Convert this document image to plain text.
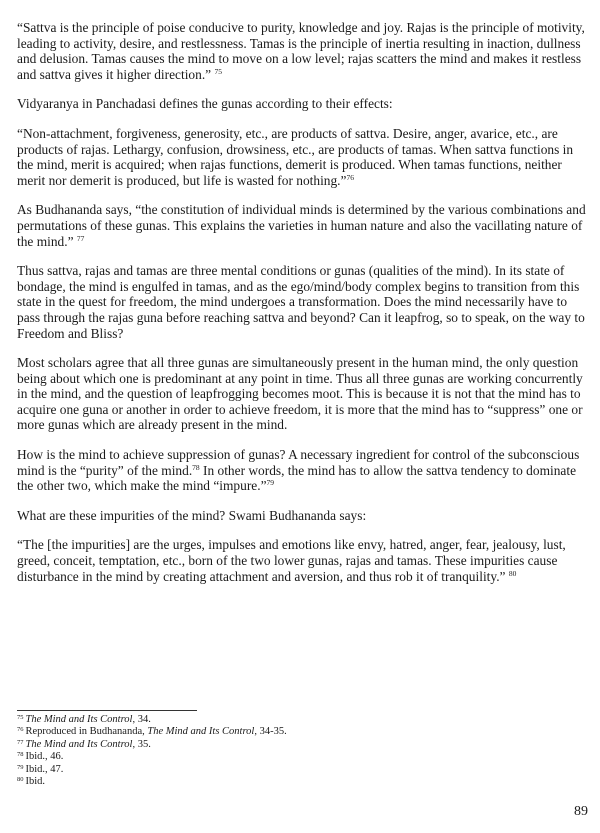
“Sattva is the principle of poise conducive to purity, knowledge and joy. Rajas is the principle of motivity, leading to activity, desire, and restlessness. Tamas is the principle of inertia resulting in inaction, dullness and delusion. Tamas causes the mind to move on a low level; rajas scatters the mind and makes it restless and sattva gives it higher direction.” $^{75}$

Vidyaranya in Panchadasi defines the gunas according to their effects:

“Non-attachment, forgiveness, generosity, etc., are products of sattva. Desire, anger, avarice, etc., are products of rajas. Lethargy, confusion, drowsiness, etc., are products of tamas. When sattva functions in the mind, merit is acquired; when rajas functions, demerit is produced. When tamas functions, neither merit nor demerit is produced, but life is wasted for nothing.”$^{76}$

As Budhananda says, “the constitution of individual minds is determined by the various combinations and permutations of these gunas. This explains the varieties in human nature and also the vacillating nature of the mind.” $^{77}$

Thus sattva, rajas and tamas are three mental conditions or gunas (qualities of the mind). In its state of bondage, the mind is engulfed in tamas, and as the ego/mind/body complex begins to transition from this state in the quest for freedom, the mind undergoes a transformation. Does the mind necessarily have to pass through the rajas guna before reaching sattva and beyond? Can it leapfrog, so to speak, on the way to Freedom and Bliss?

Most scholars agree that all three gunas are simultaneously present in the human mind, the only question being about which one is predominant at any point in time. Thus all three gunas are working concurrently in the mind, and the question of leapfrogging becomes moot. This is because it is not that the mind has to acquire one guna or another in order to achieve freedom, it is more that the mind has to “suppress” one or more gunas which are already present in the mind.

How is the mind to achieve suppression of gunas? A necessary ingredient for control of the subconscious mind is the “purity” of the mind.$^{78}$ In other words, the mind has to allow the sattva tendency to dominate the other two, which make the mind “impure.”$^{79}$

What are these impurities of the mind? Swami Budhananda says:

“The [the impurities] are the urges, impulses and emotions like envy, hatred, anger, fear, jealousy, lust, greed, conceit, temptation, etc., born of the two lower gunas, rajas and tamas. These impurities cause disturbance in the mind by creating attachment and aversion, and thus rob it of tranquility.” $^{80}$

$^{75}$ The Mind and Its Control, 34.

$^{76}$ Reproduced in Budhananda, The Mind and Its Control, 34-35.

$^{77}$ The Mind and Its Control, 35.

$^{78}$ Ibid., 46.

$^{79}$ Ibid., 47.

$^{80}$ Ibid.

89
